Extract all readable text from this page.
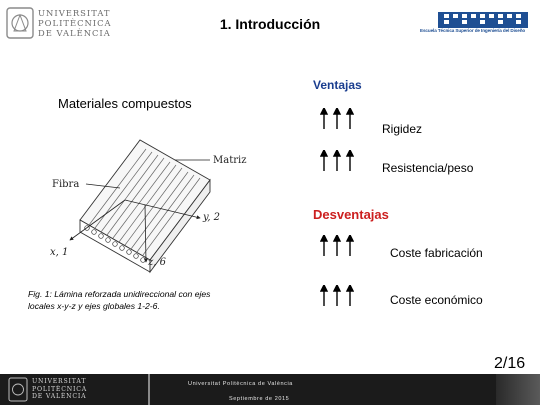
UNIVERSITAT
POLITÈCNICA
DE VALÈNCIA
1. Introducción	Escuela Técnica Superior de Ingeniería del Diseño
Materiales compuestos
Matriz
Fibra
y, 2
x, 1
z, 6
Fig. 1: Lámina reforzada unidireccional con ejes locales x-y-z y ejes globales 1-2-6.
Ventajas
Rigidez
Resistencia/peso
Desventajas
Coste fabricación
Coste económico
2/16
UNIVERSITAT
POLITÈCNICA
DE VALÈNCIA
Universitat Politècnica de València
Septiembre de 2015
